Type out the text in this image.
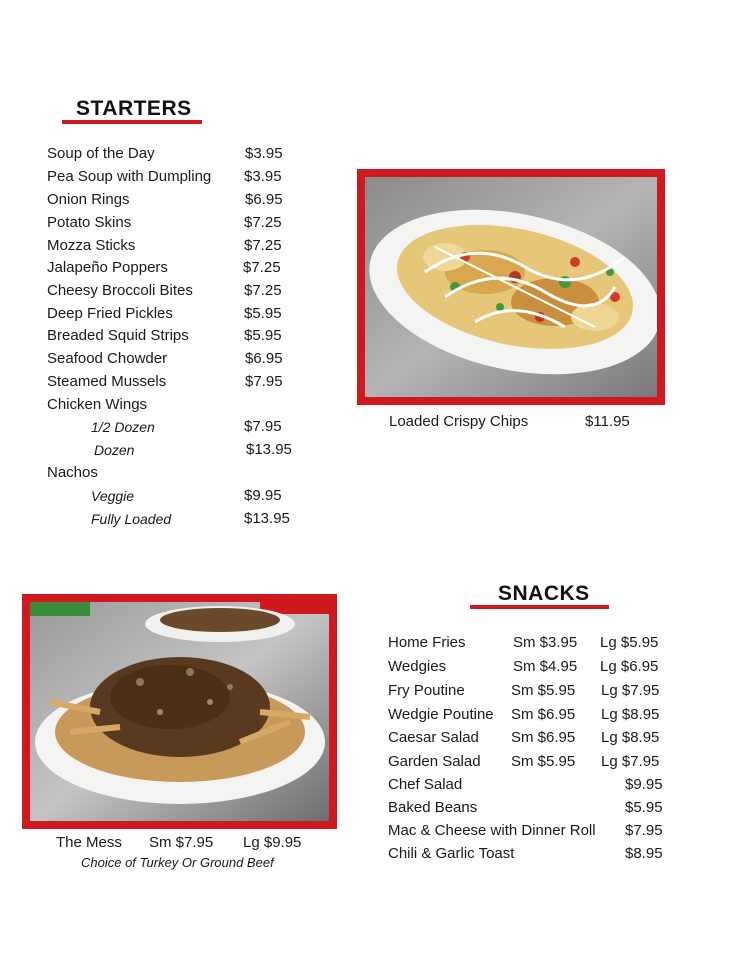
STARTERS
Soup of the Day	$3.95
Pea Soup with Dumpling $3.95
Onion Rings	$6.95
Potato Skins	$7.25
Mozza Sticks	$7.25
Jalapeño Poppers	$7.25
Cheesy Broccoli Bites	$7.25
Deep Fried Pickles	$5.95
Breaded Squid Strips	$5.95
Seafood Chowder	$6.95
Steamed Mussels	$7.95
Chicken Wings
1/2 Dozen	$7.95
Dozen	$13.95
Nachos
Veggie	$9.95
Fully Loaded	$13.95
Loaded Crispy Chips	$11.95
The Mess Sm $7.95 Lg $9.95
Choice of Turkey Or Ground Beef
SNACKS
Home Fries	Sm $3.95 Lg $5.95
Wedgies	Sm $4.95 Lg $6.95
Fry Poutine	Sm $5.95 Lg $7.95
Wedgie Poutine Sm $6.95 Lg $8.95
Caesar Salad Sm $6.95 Lg $8.95
Garden Salad Sm $5.95 Lg $7.95
Chef Salad	$9.95
Baked Beans	$5.95
Mac & Cheese with Dinner Roll $7.95
Chili & Garlic Toast	$8.95
